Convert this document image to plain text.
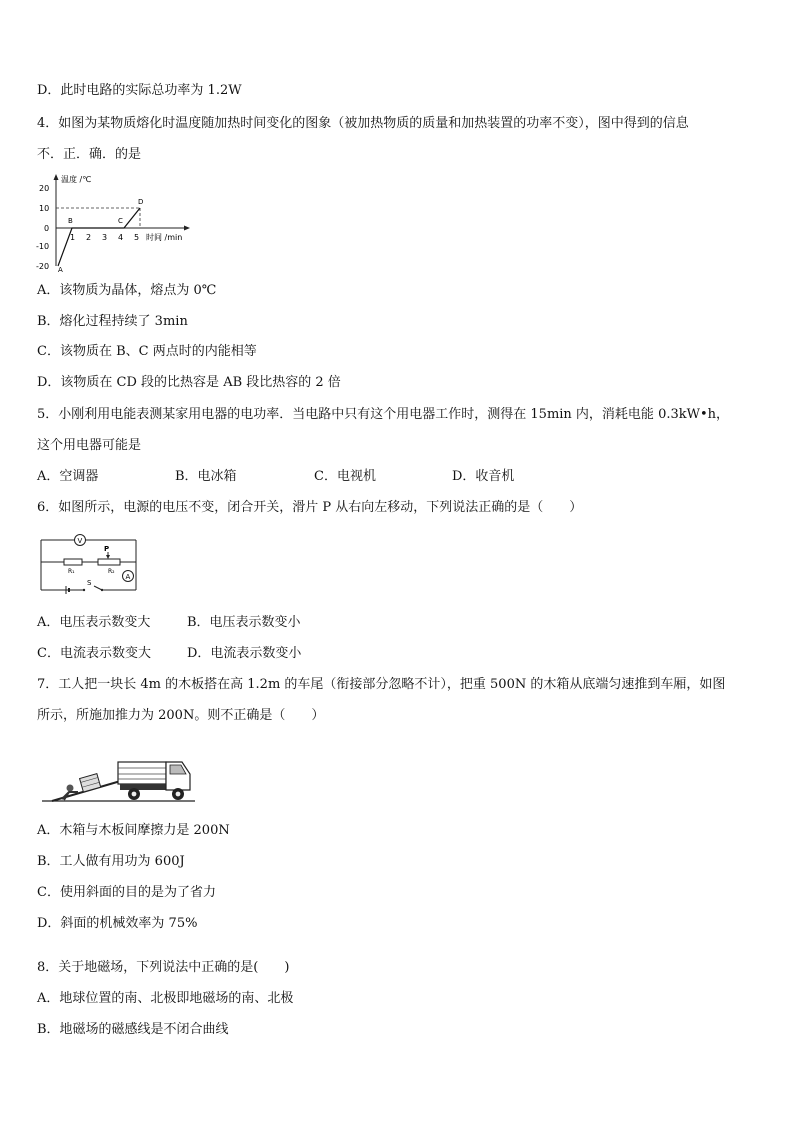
D．此时电路的实际总功率为 1.2W
4．如图为某物质熔化时温度随加热时间变化的图象（被加热物质的质量和加热装置的功率不变），图中得到的信息
不．正．确．的是
20
10
0
-10
-20
1 2 3 4 5
温度 /℃
时间 /min
A
B	C
D
A．该物质为晶体，熔点为 0℃
B．熔化过程持续了 3min
C．该物质在 B、C 两点时的内能相等
D．该物质在 CD 段的比热容是 AB 段比热容的 2 倍
5．小刚利用电能表测某家用电器的电功率．当电路中只有这个用电器工作时，测得在 15min 内，消耗电能 0.3kW•h，
这个用电器可能是
A．空调器	B．电冰箱	C．电视机	D．收音机
6．如图所示，电源的电压不变，闭合开关，滑片 P 从右向左移动，下列说法正确的是（　　）
V
P
R₁	R₂
A
S
A．电压表示数变大	B．电压表示数变小
C．电流表示数变大	D．电流表示数变小
7．工人把一块长 4m 的木板搭在高 1.2m 的车尾（衔接部分忽略不计），把重 500N 的木箱从底端匀速推到车厢，如图
所示，所施加推力为 200N。则不正确是（　　）
A．木箱与木板间摩擦力是 200N
B．工人做有用功为 600J
C．使用斜面的目的是为了省力
D．斜面的机械效率为 75%
8．关于地磁场，下列说法中正确的是(　　)
A．地球位置的南、北极即地磁场的南、北极
B．地磁场的磁感线是不闭合曲线
